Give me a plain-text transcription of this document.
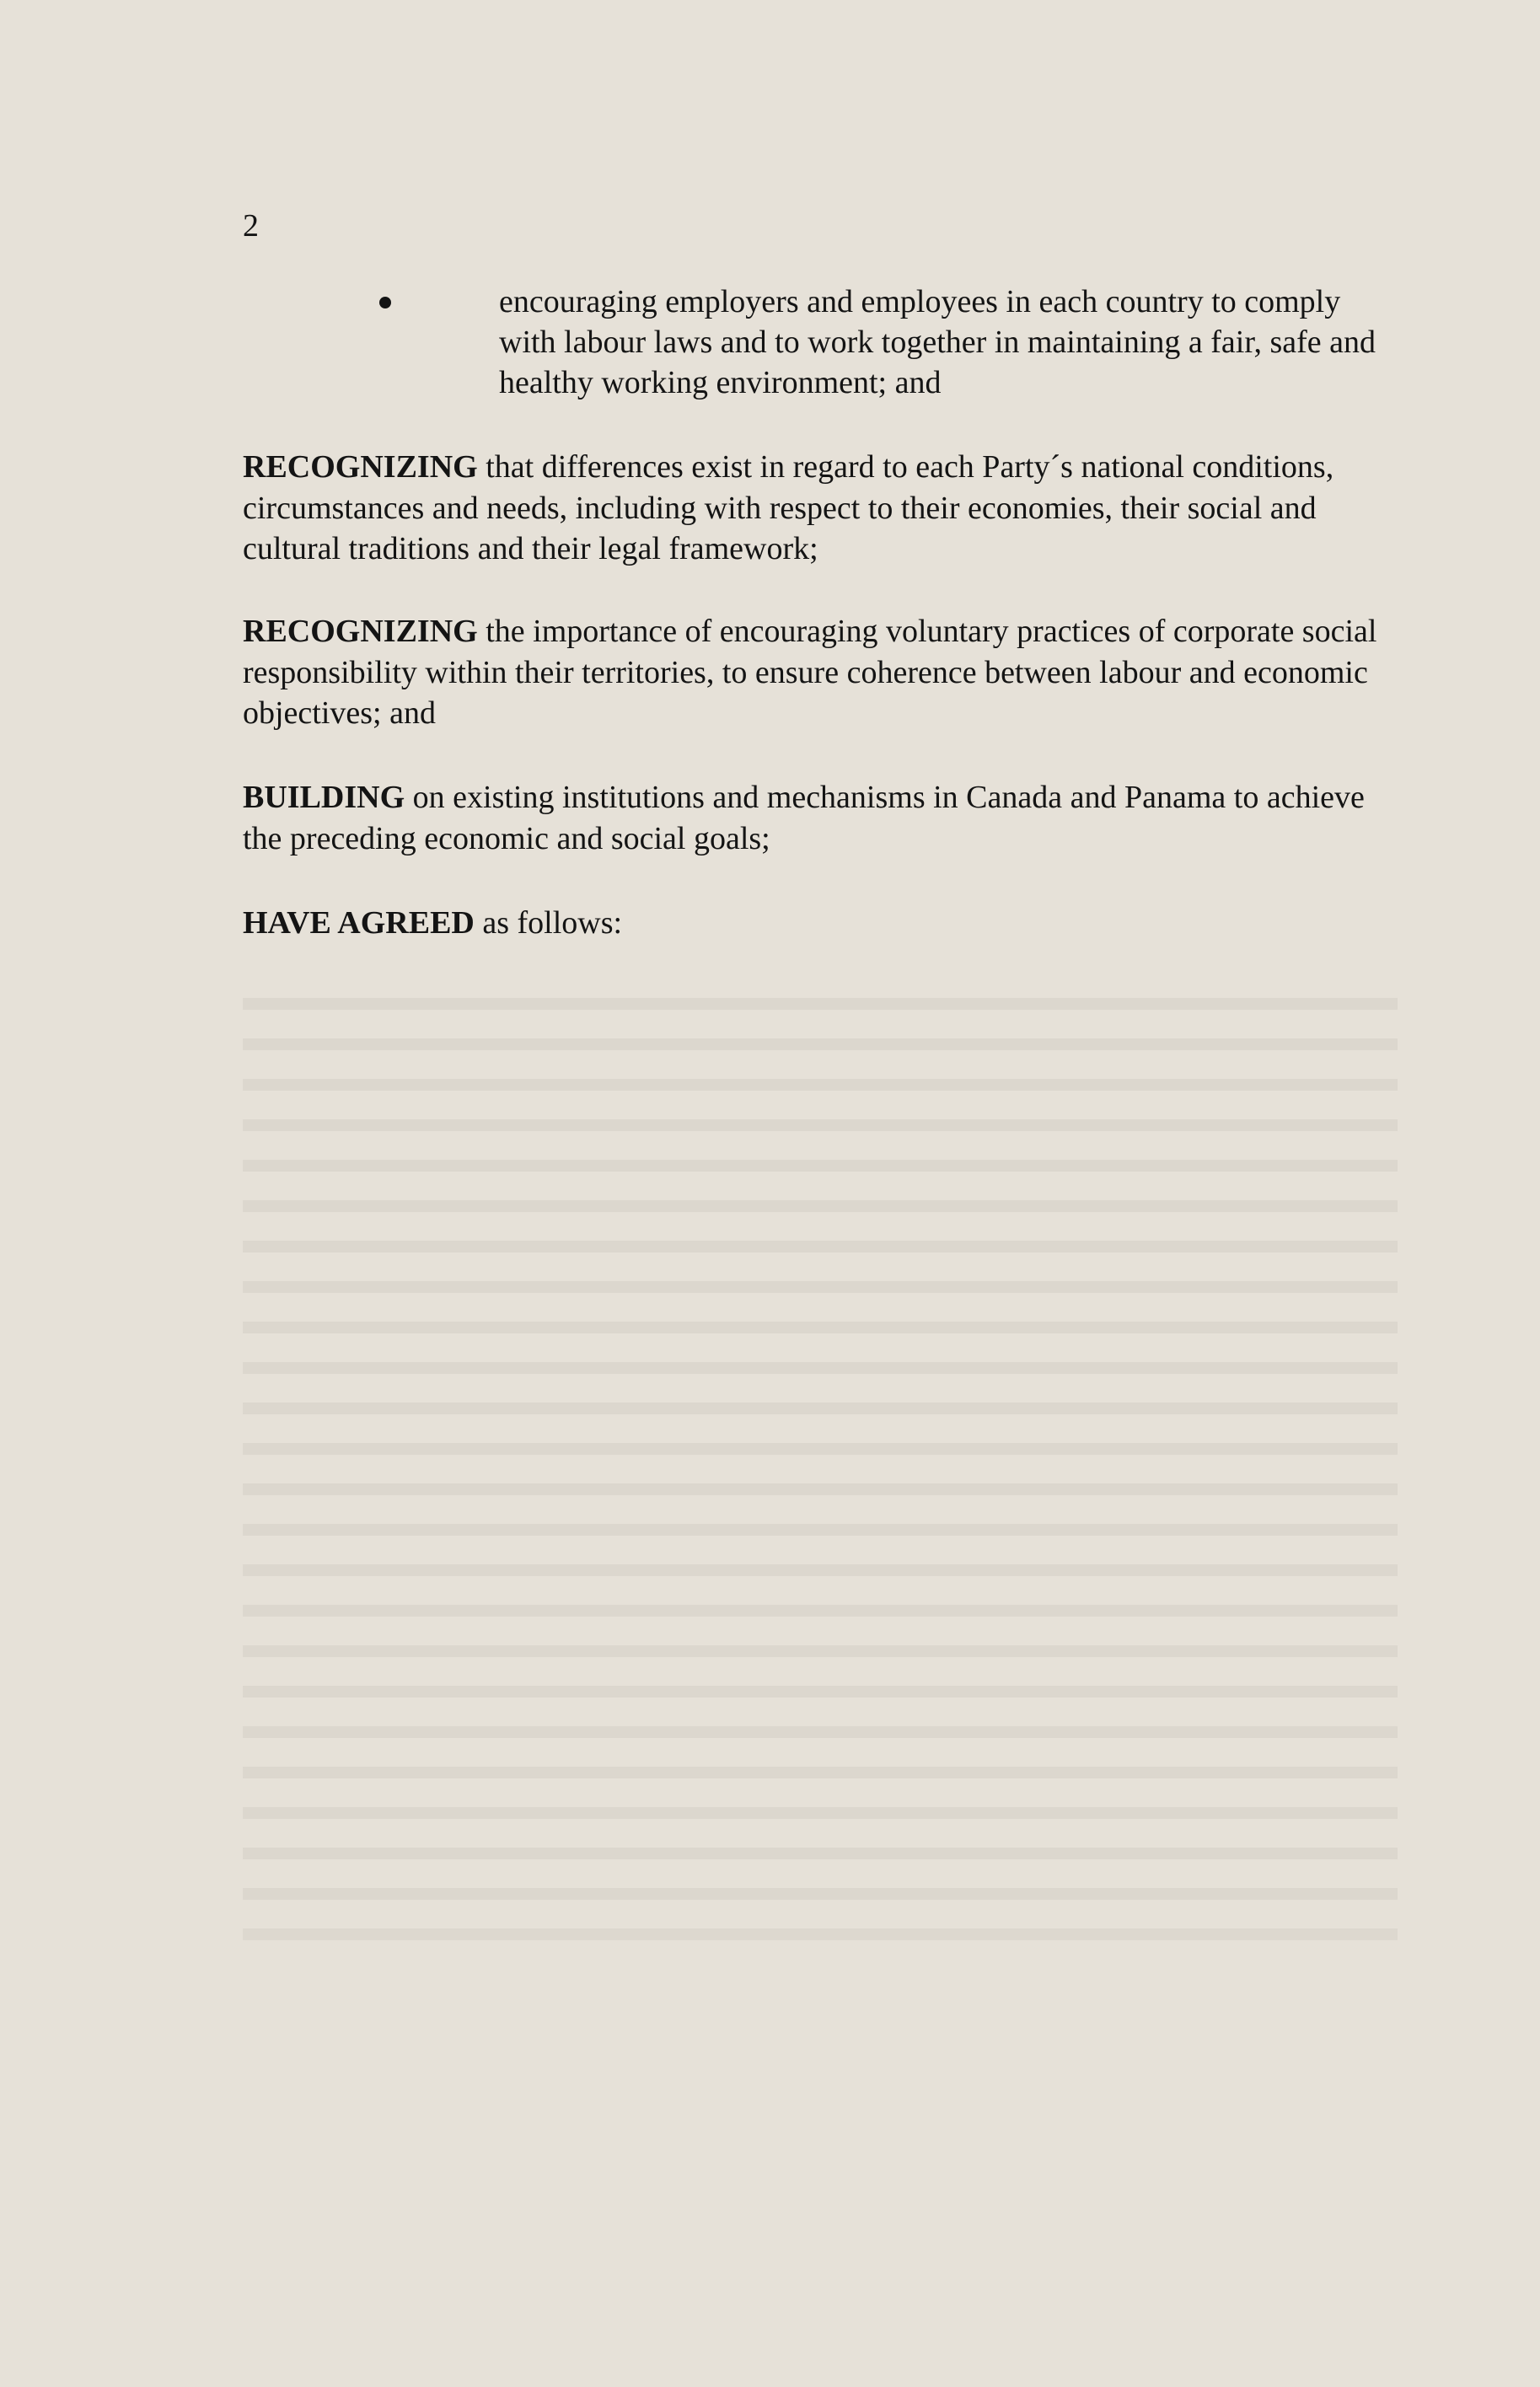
2
encouraging employers and employees in each country to comply with labour laws and to work together in maintaining a fair, safe and healthy working environment; and

RECOGNIZING that differences exist in regard to each Party´s national conditions, circumstances and needs, including with respect to their economies, their social and cultural traditions and their legal framework;

RECOGNIZING the importance of encouraging voluntary practices of corporate social responsibility within their territories, to ensure coherence between labour and economic objectives; and

BUILDING on existing institutions and mechanisms in Canada and Panama to achieve the preceding economic and social goals;

HAVE AGREED as follows:
